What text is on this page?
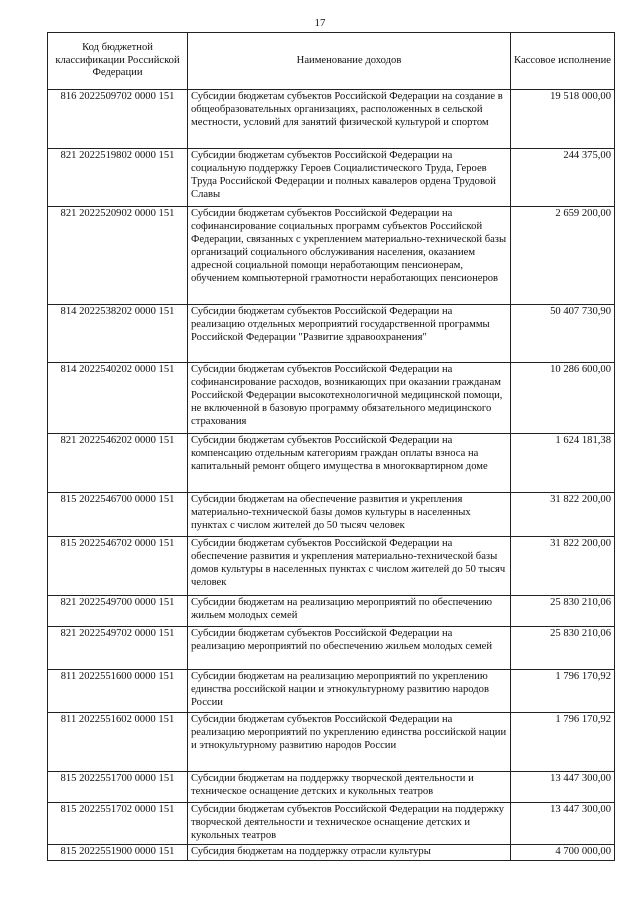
17
Код бюджетной классификации Российской Федерации	Наименование доходов	Кассовое исполнение
816 2022509702 0000 151	Субсидии бюджетам субъектов Российской Федерации на создание в общеобразовательных организациях, расположенных в сельской местности, условий для занятий физической культурой и спортом	19 518 000,00
821 2022519802 0000 151	Субсидии бюджетам субъектов Российской Федерации на социальную поддержку Героев Социалистического Труда, Героев Труда Российской Федерации и полных кавалеров ордена Трудовой Славы	244 375,00
821 2022520902 0000 151	Субсидии бюджетам субъектов Российской Федерации на софинансирование социальных программ субъектов Российской Федерации, связанных с укреплением материально-технической базы организаций социального обслуживания населения, оказанием адресной социальной помощи неработающим пенсионерам, обучением компьютерной грамотности неработающих пенсионеров	2 659 200,00
814 2022538202 0000 151	Субсидии бюджетам субъектов Российской Федерации на реализацию отдельных мероприятий государственной программы Российской Федерации "Развитие здравоохранения"	50 407 730,90
814 2022540202 0000 151	Субсидии бюджетам субъектов Российской Федерации на софинансирование расходов, возникающих при оказании гражданам Российской Федерации высокотехнологичной медицинской помощи, не включенной в базовую программу обязательного медицинского страхования	10 286 600,00
821 2022546202 0000 151	Субсидии бюджетам субъектов Российской Федерации на компенсацию отдельным категориям граждан оплаты взноса на капитальный ремонт общего имущества в многоквартирном доме	1 624 181,38
815 2022546700 0000 151	Субсидии бюджетам на обеспечение развития и укрепления материально-технической базы домов культуры в населенных пунктах с числом жителей до 50 тысяч человек	31 822 200,00
815 2022546702 0000 151	Субсидии бюджетам субъектов Российской Федерации на обеспечение развития и укрепления материально-технической базы домов культуры в населенных пунктах с числом жителей до 50 тысяч человек	31 822 200,00
821 2022549700 0000 151	Субсидии бюджетам на реализацию мероприятий по обеспечению жильем молодых семей	25 830 210,06
821 2022549702 0000 151	Субсидии бюджетам субъектов Российской Федерации на реализацию мероприятий по обеспечению жильем молодых семей	25 830 210,06
811 2022551600 0000 151	Субсидии бюджетам на реализацию мероприятий по укреплению единства российской нации и этнокультурному развитию народов России	1 796 170,92
811 2022551602 0000 151	Субсидии бюджетам субъектов Российской Федерации на реализацию мероприятий по укреплению единства российской нации и этнокультурному развитию народов России	1 796 170,92
815 2022551700 0000 151	Субсидии бюджетам на поддержку творческой деятельности и техническое оснащение детских и кукольных театров	13 447 300,00
815 2022551702 0000 151	Субсидии бюджетам субъектов Российской Федерации на поддержку творческой деятельности и техническое оснащение детских и кукольных театров	13 447 300,00
815 2022551900 0000 151	Субсидия бюджетам на поддержку отрасли культуры	4 700 000,00
